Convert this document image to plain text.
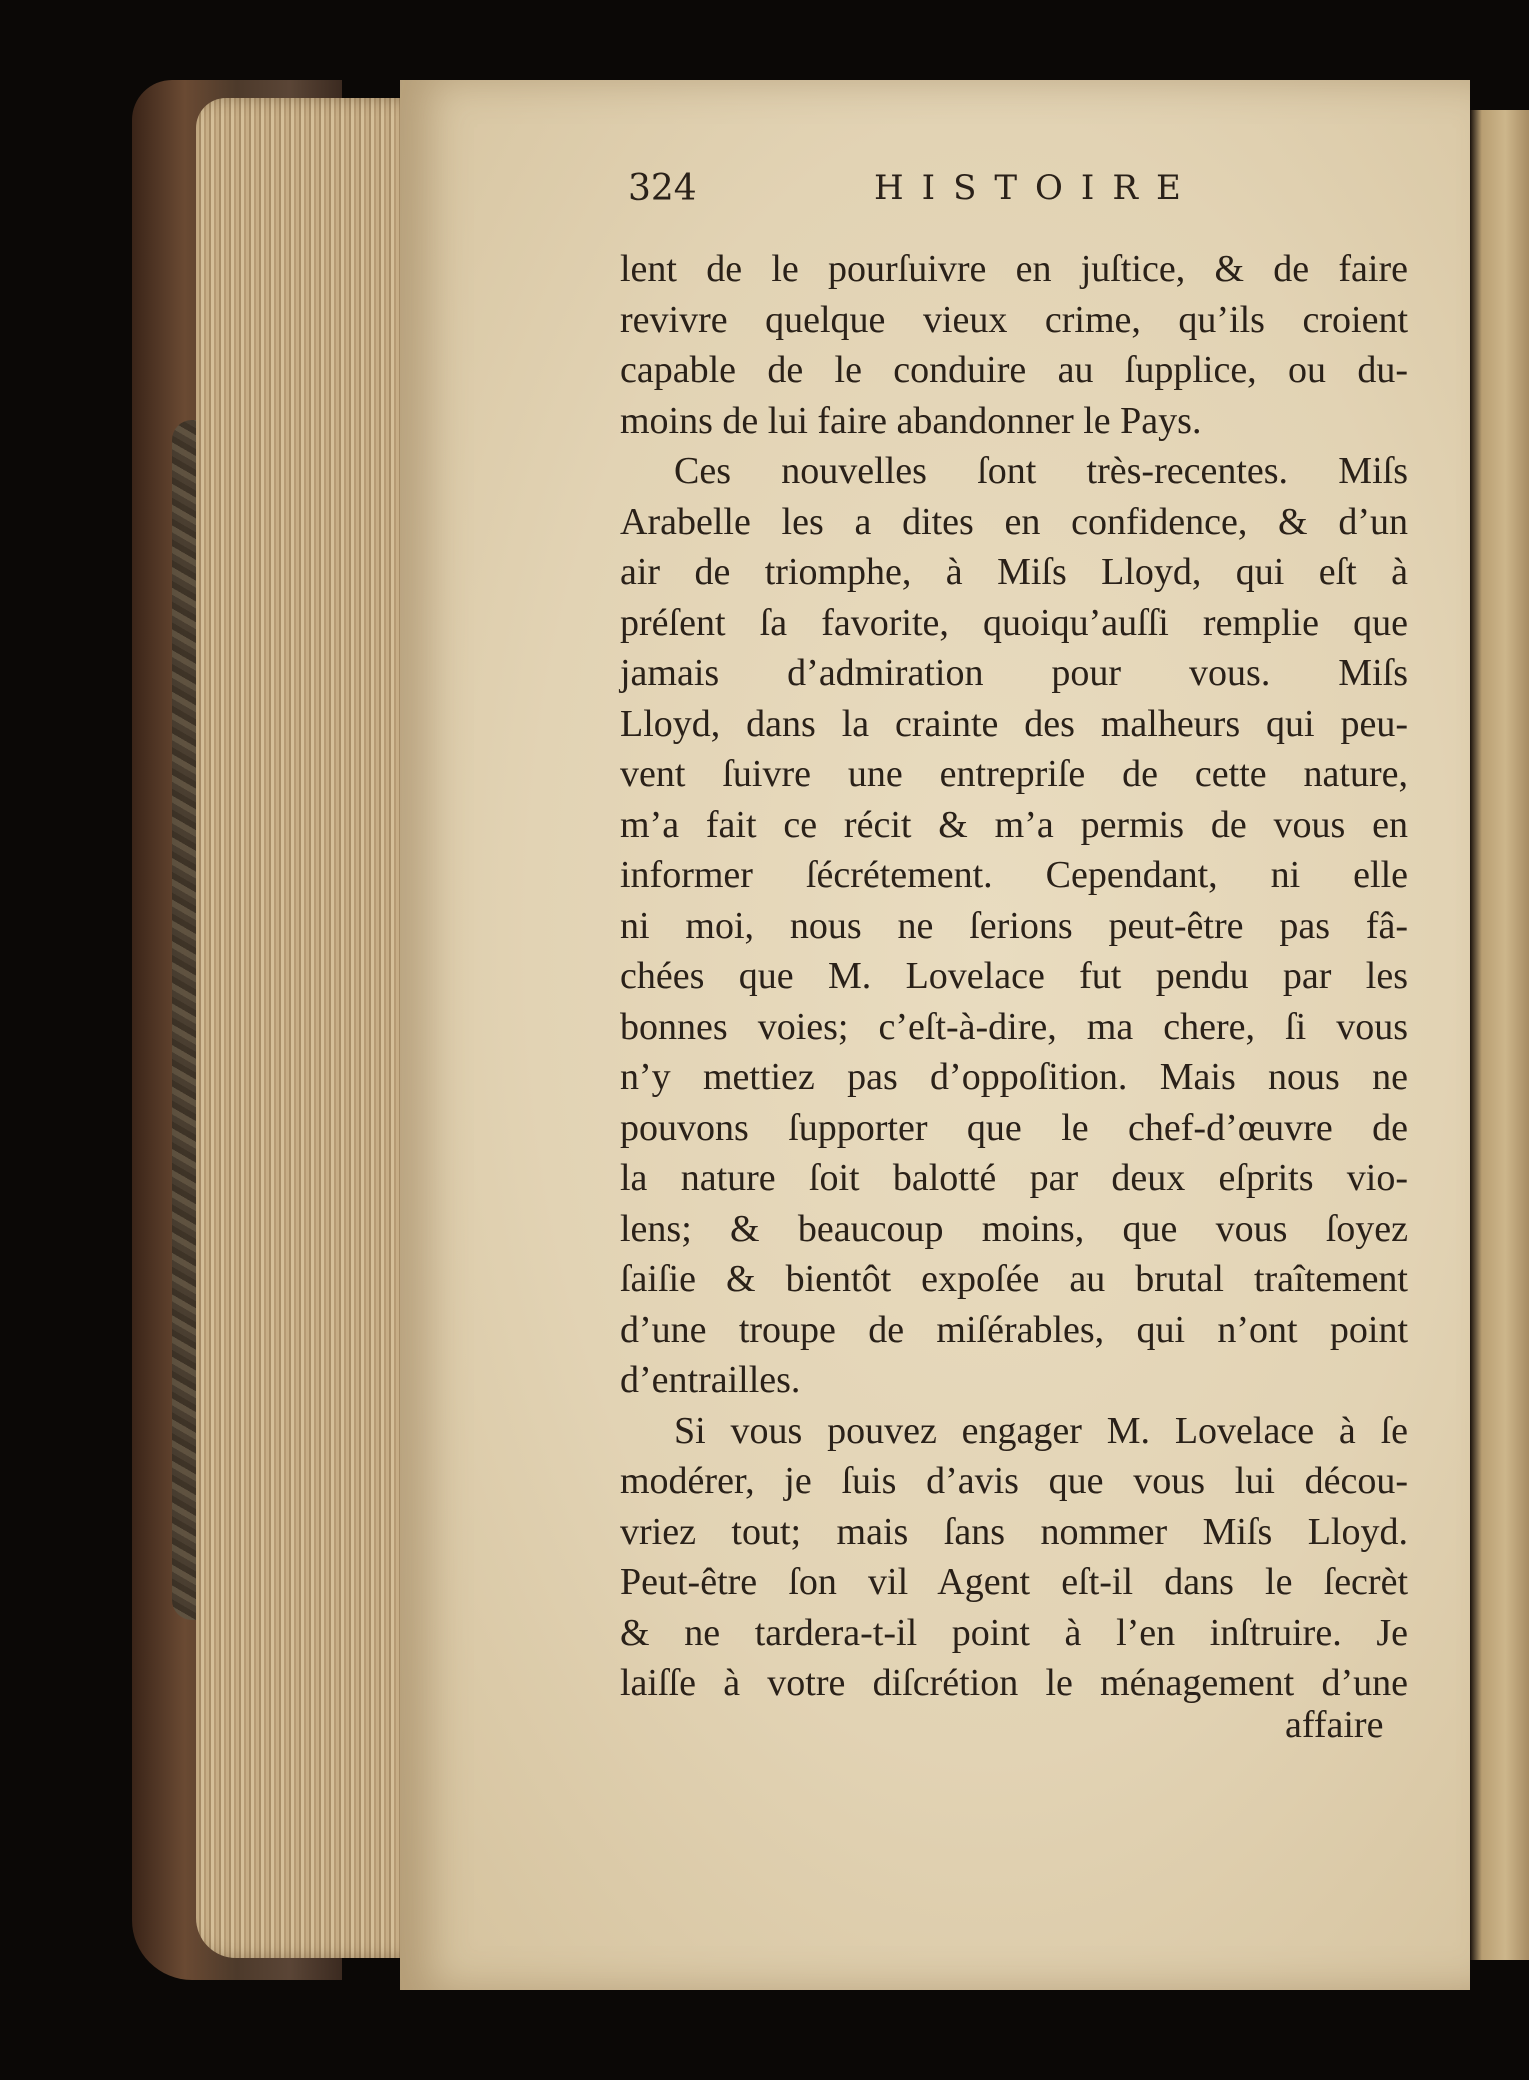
324	HISTOIRE
lent de le pourſuivre en juſtice, & de faire
revivre quelque vieux crime, qu’ils croient
capable de le conduire au ſupplice, ou du-
moins de lui faire abandonner le Pays.
Ces nouvelles ſont très-recentes. Miſs
Arabelle les a dites en confidence, & d’un
air de triomphe, à Miſs Lloyd, qui eſt à
préſent ſa favorite, quoiqu’auſſi remplie que
jamais d’admiration pour vous. Miſs
Lloyd, dans la crainte des malheurs qui peu-
vent ſuivre une entrepriſe de cette nature,
m’a fait ce récit & m’a permis de vous en
informer ſécrétement. Cependant, ni elle
ni moi, nous ne ſerions peut-être pas fâ-
chées que M. Lovelace fut pendu par les
bonnes voies; c’eſt-à-dire, ma chere, ſi vous
n’y mettiez pas d’oppoſition. Mais nous ne
pouvons ſupporter que le chef-d’œuvre de
la nature ſoit balotté par deux eſprits vio-
lens; & beaucoup moins, que vous ſoyez
ſaiſie & bientôt expoſée au brutal traîtement
d’une troupe de miſérables, qui n’ont point
d’entrailles.
Si vous pouvez engager M. Lovelace à ſe
modérer, je ſuis d’avis que vous lui décou-
vriez tout; mais ſans nommer Miſs Lloyd.
Peut-être ſon vil Agent eſt-il dans le ſecrèt
& ne tardera-t-il point à l’en inſtruire. Je
laiſſe à votre diſcrétion le ménagement d’une
affaire
